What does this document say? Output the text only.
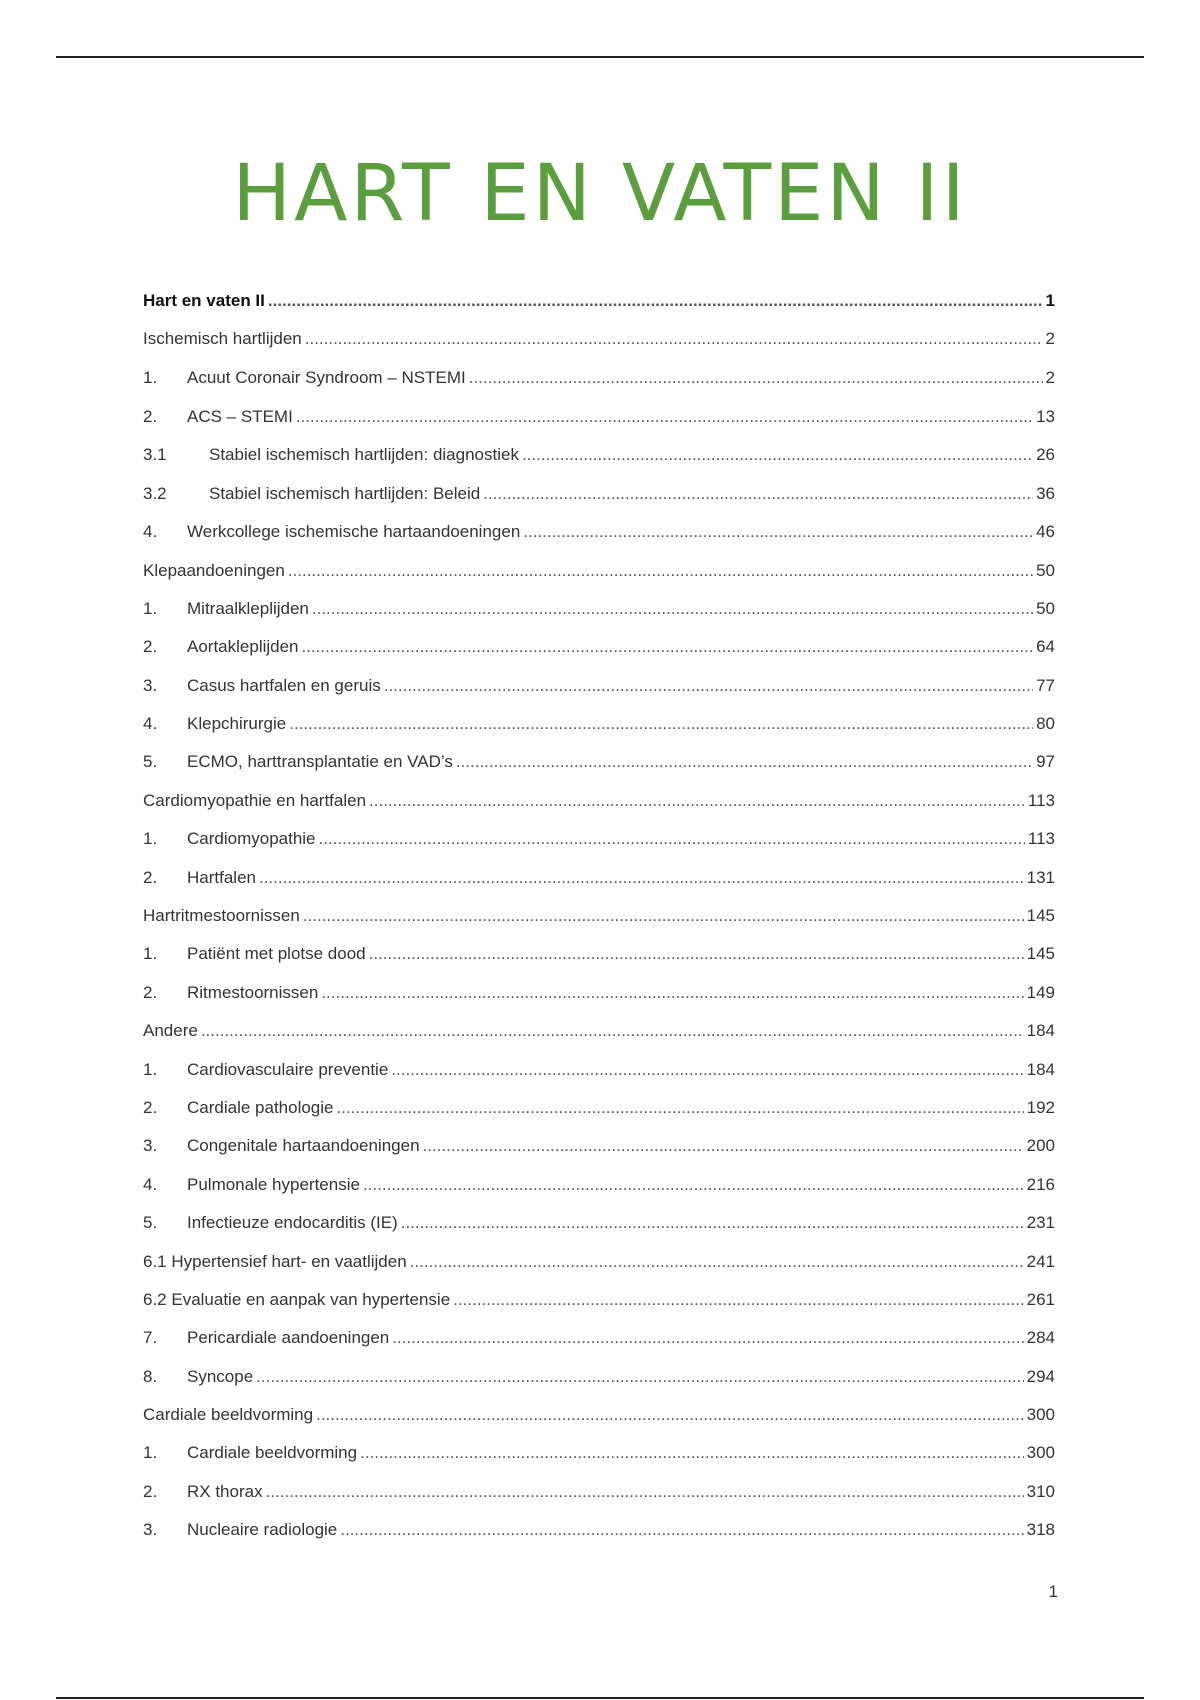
HART EN VATEN II
Hart en vaten II .....	1
Ischemisch hartlijden .....	2
1.	Acuut Coronair Syndroom – NSTEMI .....	2
2.	ACS – STEMI .....	13
3.1	Stabiel ischemisch hartlijden: diagnostiek .....	26
3.2	Stabiel ischemisch hartlijden: Beleid .....	36
4.	Werkcollege ischemische hartaandoeningen .....	46
Klepaandoeningen .....	50
1.	Mitraalkleplijden .....	50
2.	Aortakleplijden .....	64
3.	Casus hartfalen en geruis .....	77
4.	Klepchirurgie .....	80
5.	ECMO, harttransplantatie en VAD’s .....	97
Cardiomyopathie en hartfalen .....	113
1.	Cardiomyopathie .....	113
2.	Hartfalen .....	131
Hartritmestoornissen .....	145
1.	Patiënt met plotse dood .....	145
2.	Ritmestoornissen .....	149
Andere .....	184
1.	Cardiovasculaire preventie .....	184
2.	Cardiale pathologie .....	192
3.	Congenitale hartaandoeningen .....	200
4.	Pulmonale hypertensie .....	216
5.	Infectieuze endocarditis (IE) .....	231
6.1 Hypertensief hart- en vaatlijden .....	241
6.2 Evaluatie en aanpak van hypertensie .....	261
7.	Pericardiale aandoeningen .....	284
8.	Syncope .....	294
Cardiale beeldvorming .....	300
1.	Cardiale beeldvorming .....	300
2.	RX thorax .....	310
3.	Nucleaire radiologie .....	318
1
